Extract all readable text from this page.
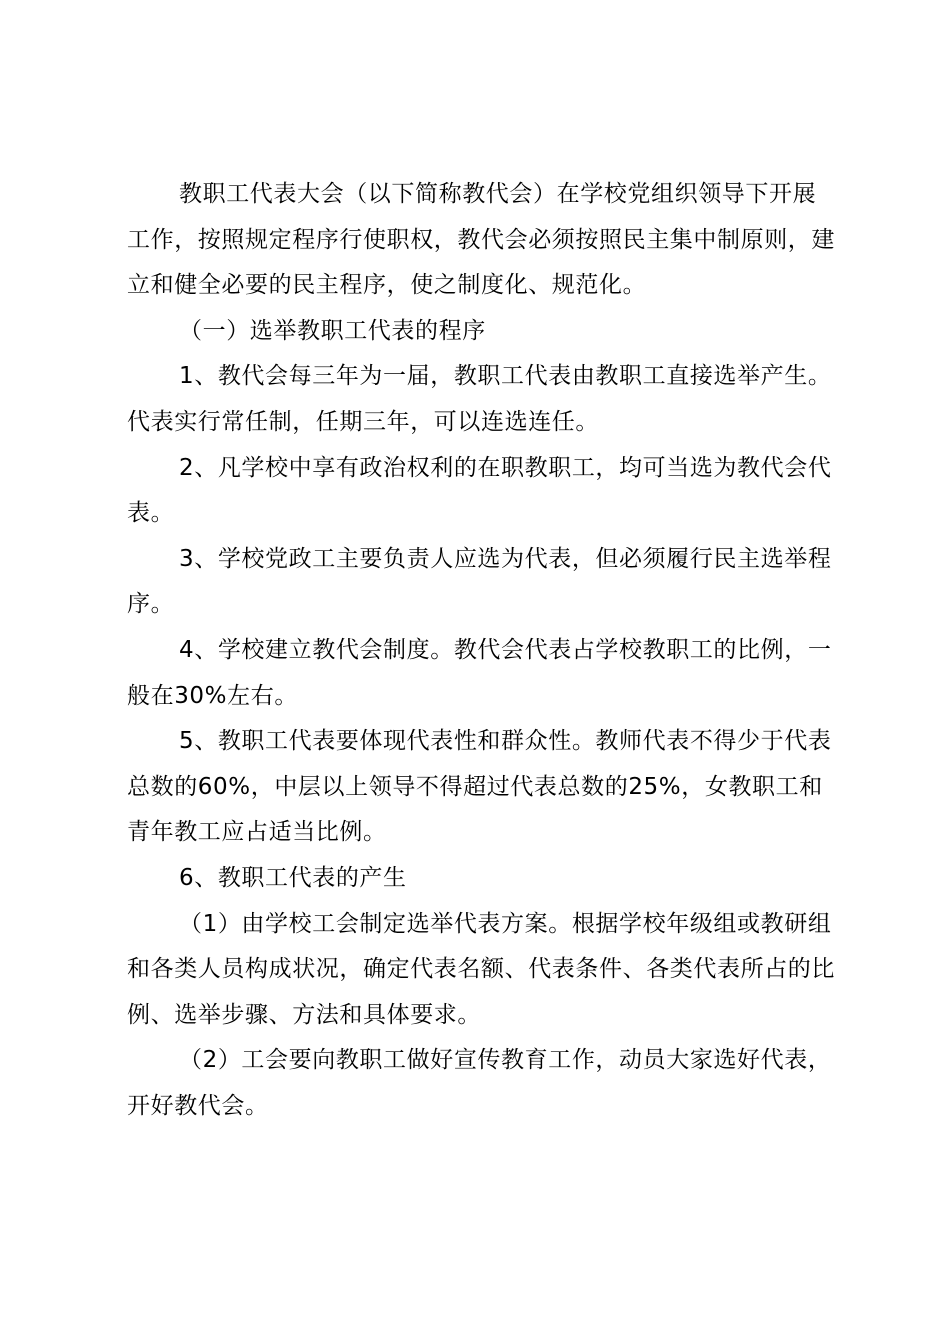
教职工代表大会（以下简称教代会）在学校党组织领导下开展工作，按照规定程序行使职权，教代会必须按照民主集中制原则，建立和健全必要的民主程序，使之制度化、规范化。

（一）选举教职工代表的程序

1、教代会每三年为一届，教职工代表由教职工直接选举产生。代表实行常任制，任期三年，可以连选连任。

2、凡学校中享有政治权利的在职教职工，均可当选为教代会代表。

3、学校党政工主要负责人应选为代表，但必须履行民主选举程序。

4、学校建立教代会制度。教代会代表占学校教职工的比例，一般在30%左右。

5、教职工代表要体现代表性和群众性。教师代表不得少于代表总数的60%，中层以上领导不得超过代表总数的25%，女教职工和青年教工应占适当比例。

6、教职工代表的产生

（1）由学校工会制定选举代表方案。根据学校年级组或教研组和各类人员构成状况，确定代表名额、代表条件、各类代表所占的比例、选举步骤、方法和具体要求。

（2）工会要向教职工做好宣传教育工作，动员大家选好代表，开好教代会。
